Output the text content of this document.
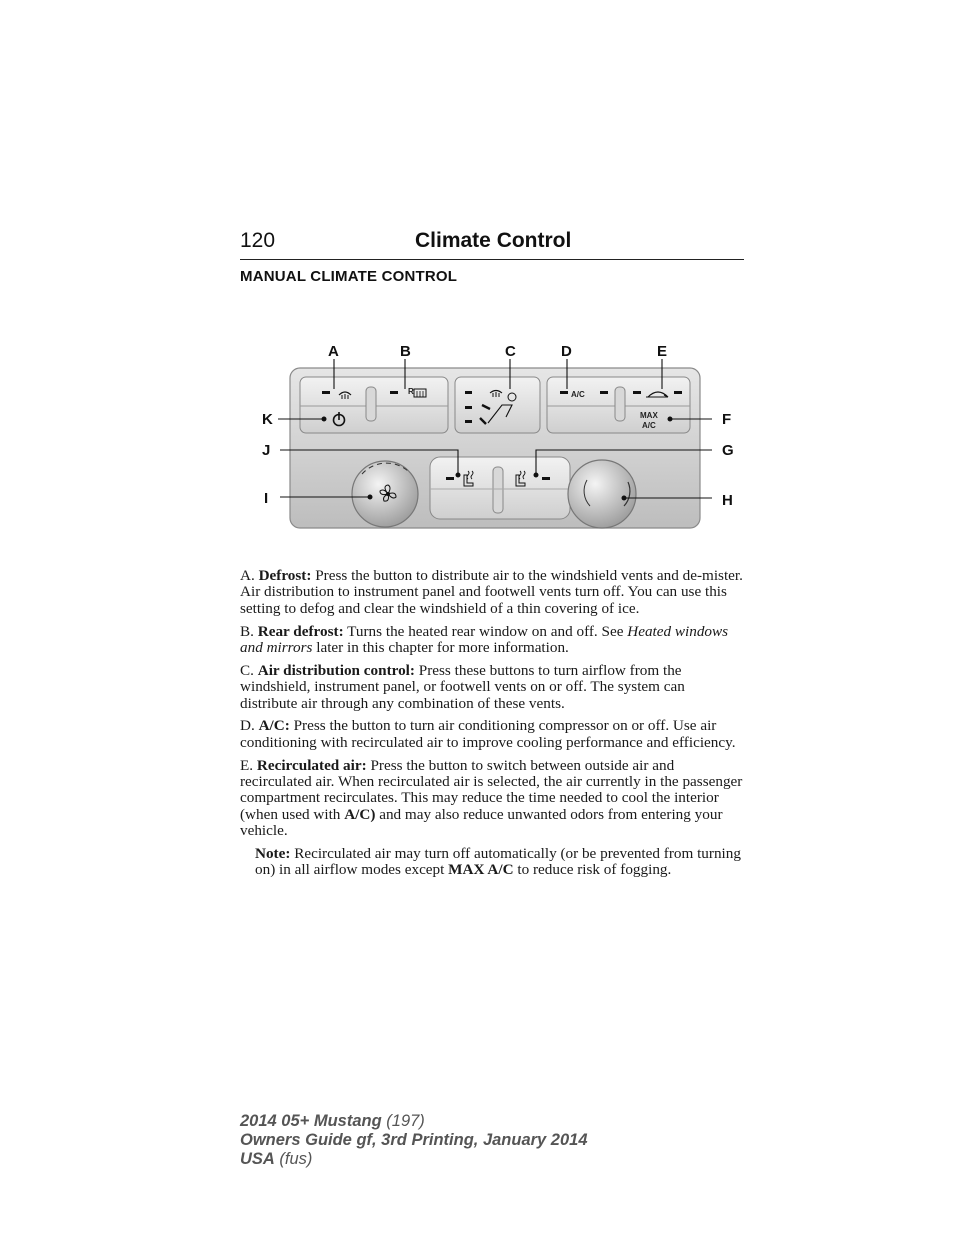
120	Climate Control
MANUAL CLIMATE CONTROL
R	A/C
MAX
A/C
A	B	C	D	E
K	F
J	G
I	H

A. Defrost: Press the button to distribute air to the windshield vents and de-mister. Air distribution to instrument panel and footwell vents turn off. You can use this setting to defog and clear the windshield of a thin covering of ice.

B. Rear defrost: Turns the heated rear window on and off. See Heated windows and mirrors later in this chapter for more information.

C. Air distribution control: Press these buttons to turn airflow from the windshield, instrument panel, or footwell vents on or off. The system can distribute air through any combination of these vents.

D. A/C: Press the button to turn air conditioning compressor on or off. Use air conditioning with recirculated air to improve cooling performance and efficiency.

E. Recirculated air: Press the button to switch between outside air and recirculated air. When recirculated air is selected, the air currently in the passenger compartment recirculates. This may reduce the time needed to cool the interior (when used with A/C) and may also reduce unwanted odors from entering your vehicle.

Note: Recirculated air may turn off automatically (or be prevented from turning on) in all airflow modes except MAX A/C to reduce risk of fogging.

2014 05+ Mustang (197)
Owners Guide gf, 3rd Printing, January 2014
USA (fus)
